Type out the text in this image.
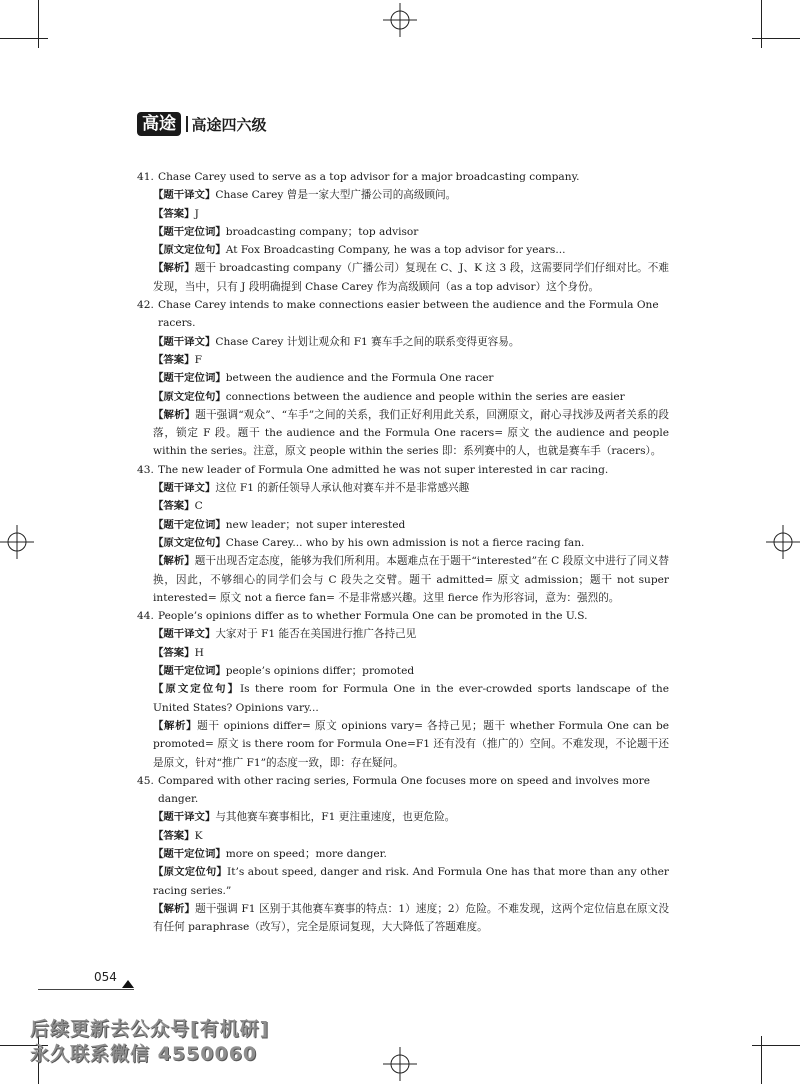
高途	高途四六级
41. Chase Carey used to serve as a top advisor for a major broadcasting company.
【题干译文】Chase Carey 曾是一家大型广播公司的高级顾问。
【答案】J
【题干定位词】broadcasting company；top advisor
【原文定位句】At Fox Broadcasting Company, he was a top advisor for years...
【解析】题干 broadcasting company（广播公司）复现在 C、J、K 这 3 段，这需要同学们仔细对比。不难发现，当中，只有 J 段明确提到 Chase Carey 作为高级顾问（as a top advisor）这个身份。
42. Chase Carey intends to make connections easier between the audience and the Formula One racers.
【题干译文】Chase Carey 计划让观众和 F1 赛车手之间的联系变得更容易。
【答案】F
【题干定位词】between the audience and the Formula One racer
【原文定位句】connections between the audience and people within the series are easier
【解析】题干强调“观众”、“车手”之间的关系，我们正好利用此关系，回溯原文，耐心寻找涉及两者关系的段落，锁定 F 段。题干 the audience and the Formula One racers= 原文 the audience and people within the series。注意，原文 people within the series 即：系列赛中的人，也就是赛车手（racers）。
43. The new leader of Formula One admitted he was not super interested in car racing.
【题干译文】这位 F1 的新任领导人承认他对赛车并不是非常感兴趣
【答案】C
【题干定位词】new leader；not super interested
【原文定位句】Chase Carey... who by his own admission is not a fierce racing fan.
【解析】题干出现否定态度，能够为我们所利用。本题难点在于题干“interested”在 C 段原文中进行了同义替换，因此，不够细心的同学们会与 C 段失之交臂。题干 admitted= 原文 admission；题干 not super interested= 原文 not a fierce fan= 不是非常感兴趣。这里 fierce 作为形容词，意为：强烈的。
44. People’s opinions differ as to whether Formula One can be promoted in the U.S.
【题干译文】大家对于 F1 能否在美国进行推广各持己见
【答案】H
【题干定位词】people’s opinions differ；promoted
【原文定位句】Is there room for Formula One in the ever-crowded sports landscape of the United States? Opinions vary...
【解析】题干 opinions differ= 原文 opinions vary= 各持己见；题干 whether Formula One can be promoted= 原文 is there room for Formula One=F1 还有没有（推广的）空间。不难发现，不论题干还是原文，针对“推广 F1”的态度一致，即：存在疑问。
45. Compared with other racing series, Formula One focuses more on speed and involves more danger.
【题干译文】与其他赛车赛事相比，F1 更注重速度，也更危险。
【答案】K
【题干定位词】more on speed；more danger.
【原文定位句】It’s about speed, danger and risk. And Formula One has that more than any other racing series.”
【解析】题干强调 F1 区别于其他赛车赛事的特点：1）速度；2）危险。不难发现，这两个定位信息在原文没有任何 paraphrase（改写），完全是原词复现，大大降低了答题难度。
054
后续更新去公众号[有机研]
永久联系微信 4550060
